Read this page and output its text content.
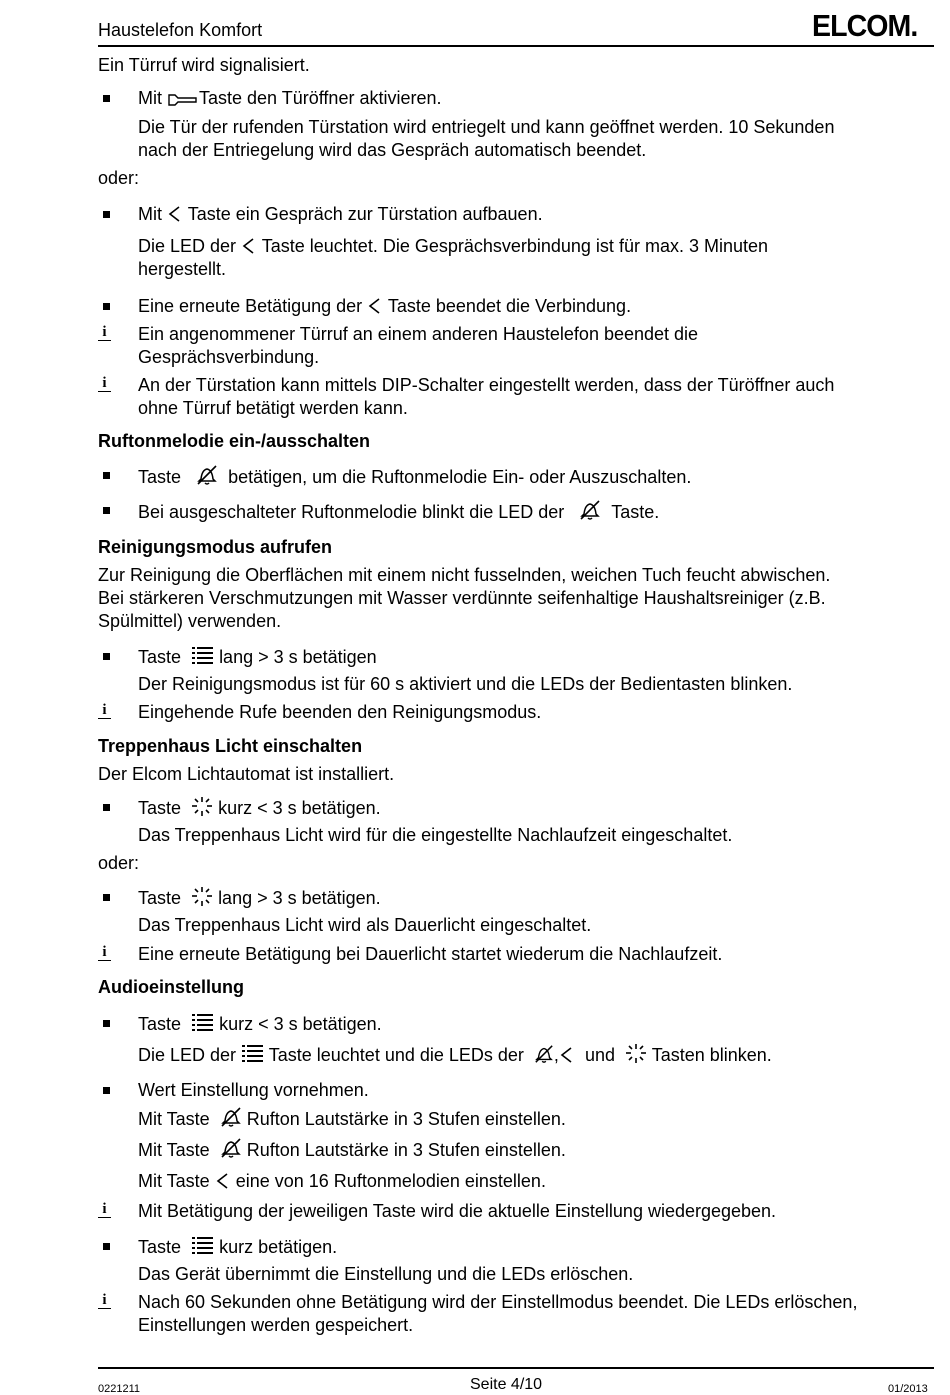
Haustelefon Komfort	ELCOM.
Ein Türruf wird signalisiert.
Mit Taste den Türöffner aktivieren.
Die Tür der rufenden Türstation wird entriegelt und kann geöffnet werden. 10 Sekunden
nach der Entriegelung wird das Gespräch automatisch beendet.
oder:
Mit Taste ein Gespräch zur Türstation aufbauen.
Die LED der Taste leuchtet. Die Gesprächsverbindung ist für max. 3 Minuten
hergestellt.
Eine erneute Betätigung der Taste beendet die Verbindung.
i Ein angenommener Türruf an einem anderen Haustelefon beendet die
Gesprächsverbindung.
i An der Türstation kann mittels DIP-Schalter eingestellt werden, dass der Türöffner auch
ohne Türruf betätigt werden kann.
Ruftonmelodie ein-/ausschalten
Taste	betätigen, um die Ruftonmelodie Ein- oder Auszuschalten.
Bei ausgeschalteter Ruftonmelodie blinkt die LED der	Taste.
Reinigungsmodus aufrufen
Zur Reinigung die Oberflächen mit einem nicht fusselnden, weichen Tuch feucht abwischen.
Bei stärkeren Verschmutzungen mit Wasser verdünnte seifenhaltige Haushaltsreiniger (z.B.
Spülmittel) verwenden.
Taste lang > 3 s betätigen
Der Reinigungsmodus ist für 60 s aktiviert und die LEDs der Bedientasten blinken.
i Eingehende Rufe beenden den Reinigungsmodus.
Treppenhaus Licht einschalten
Der Elcom Lichtautomat ist installiert.
Taste kurz < 3 s betätigen.
Das Treppenhaus Licht wird für die eingestellte Nachlaufzeit eingeschaltet.
oder:
Taste lang > 3 s betätigen.
Das Treppenhaus Licht wird als Dauerlicht eingeschaltet.
i Eine erneute Betätigung bei Dauerlicht startet wiederum die Nachlaufzeit.
Audioeinstellung
Taste kurz < 3 s betätigen.
Die LED der Taste leuchtet und die LEDs der , und Tasten blinken.
Wert Einstellung vornehmen.
Mit Taste Rufton Lautstärke in 3 Stufen einstellen.
Mit Taste Rufton Lautstärke in 3 Stufen einstellen.
Mit Taste eine von 16 Ruftonmelodien einstellen.
i Mit Betätigung der jeweiligen Taste wird die aktuelle Einstellung wiedergegeben.
Taste kurz betätigen.
Das Gerät übernimmt die Einstellung und die LEDs erlöschen.
i Nach 60 Sekunden ohne Betätigung wird der Einstellmodus beendet. Die LEDs erlöschen,
Einstellungen werden gespeichert.
0221211	Seite 4/10	01/2013
